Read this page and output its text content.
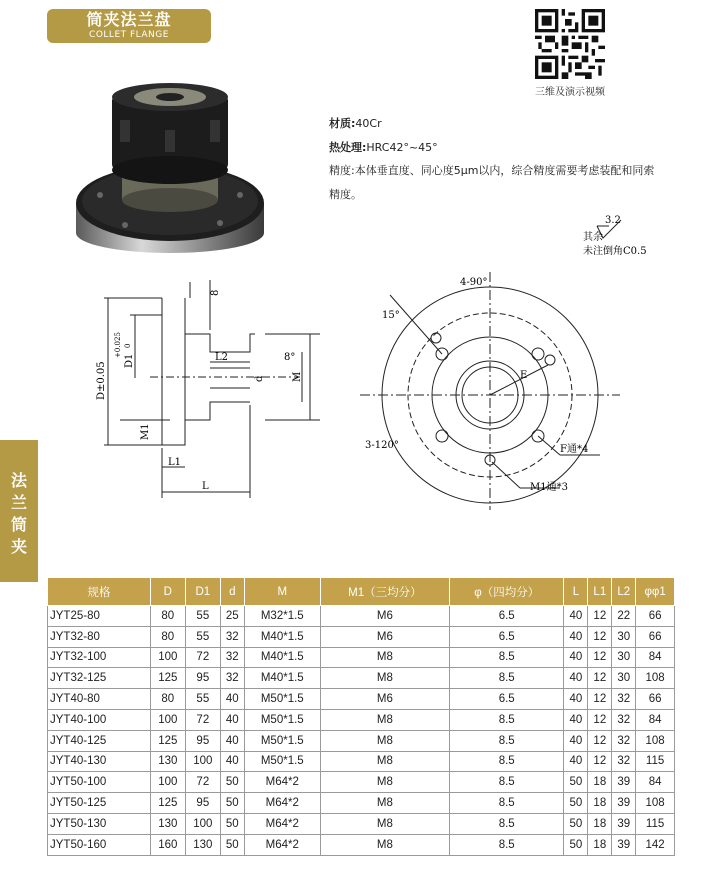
筒夹法兰盘
COLLET FLANGE
三维及演示视频
材质:40Cr
热处理:HRC42°~45°
精度:本体垂直度、同心度5μm以内，综合精度需要考虑装配和同索精度。
3.2
其余
未注倒角C0.5
D±0.05
D1
+0.025 0
8
L2
d	M
8°
M1
L1
L
4-90°
15°
3-120°
E
F通*4
M1通*3
法
兰
筒
夹
规格	D	D1	d	M	M1（三均分）	φ（四均分）	L	L1	L2	φφ1
JYT25-80	80	55	25	M32*1.5	M6	6.5	40	12	22	66
JYT32-80	80	55	32	M40*1.5	M6	6.5	40	12	30	66
JYT32-100	100	72	32	M40*1.5	M8	8.5	40	12	30	84
JYT32-125	125	95	32	M40*1.5	M8	8.5	40	12	30	108
JYT40-80	80	55	40	M50*1.5	M6	6.5	40	12	32	66
JYT40-100	100	72	40	M50*1.5	M8	8.5	40	12	32	84
JYT40-125	125	95	40	M50*1.5	M8	8.5	40	12	32	108
JYT40-130	130	100	40	M50*1.5	M8	8.5	40	12	32	115
JYT50-100	100	72	50	M64*2	M8	8.5	50	18	39	84
JYT50-125	125	95	50	M64*2	M8	8.5	50	18	39	108
JYT50-130	130	100	50	M64*2	M8	8.5	50	18	39	115
JYT50-160	160	130	50	M64*2	M8	8.5	50	18	39	142
